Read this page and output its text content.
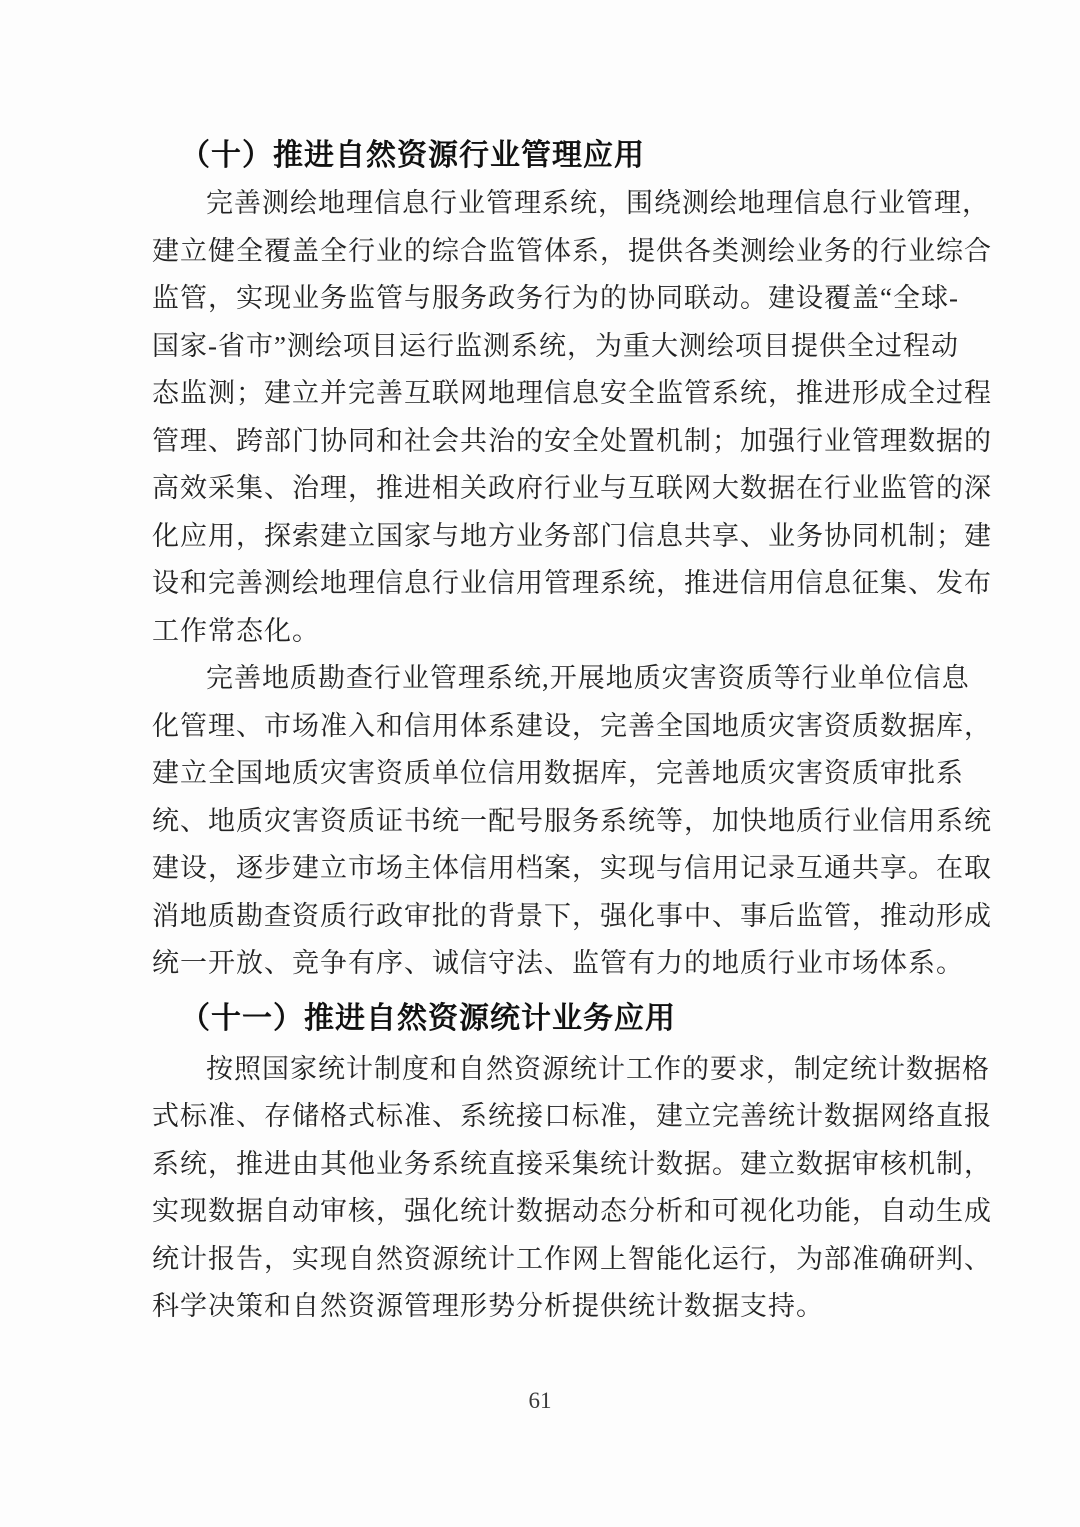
（十）推进自然资源行业管理应用
完善测绘地理信息行业管理系统，围绕测绘地理信息行业管理，
建立健全覆盖全行业的综合监管体系，提供各类测绘业务的行业综合
监管，实现业务监管与服务政务行为的协同联动。建设覆盖“全球-
国家-省市”测绘项目运行监测系统，为重大测绘项目提供全过程动
态监测；建立并完善互联网地理信息安全监管系统，推进形成全过程
管理、跨部门协同和社会共治的安全处置机制；加强行业管理数据的
高效采集、治理，推进相关政府行业与互联网大数据在行业监管的深
化应用，探索建立国家与地方业务部门信息共享、业务协同机制；建
设和完善测绘地理信息行业信用管理系统，推进信用信息征集、发布
工作常态化。
完善地质勘查行业管理系统,开展地质灾害资质等行业单位信息
化管理、市场准入和信用体系建设，完善全国地质灾害资质数据库，
建立全国地质灾害资质单位信用数据库，完善地质灾害资质审批系
统、地质灾害资质证书统一配号服务系统等，加快地质行业信用系统
建设，逐步建立市场主体信用档案，实现与信用记录互通共享。在取
消地质勘查资质行政审批的背景下，强化事中、事后监管，推动形成
统一开放、竞争有序、诚信守法、监管有力的地质行业市场体系。
（十一）推进自然资源统计业务应用
按照国家统计制度和自然资源统计工作的要求，制定统计数据格
式标准、存储格式标准、系统接口标准，建立完善统计数据网络直报
系统，推进由其他业务系统直接采集统计数据。建立数据审核机制，
实现数据自动审核，强化统计数据动态分析和可视化功能，自动生成
统计报告，实现自然资源统计工作网上智能化运行，为部准确研判、
科学决策和自然资源管理形势分析提供统计数据支持。
61
